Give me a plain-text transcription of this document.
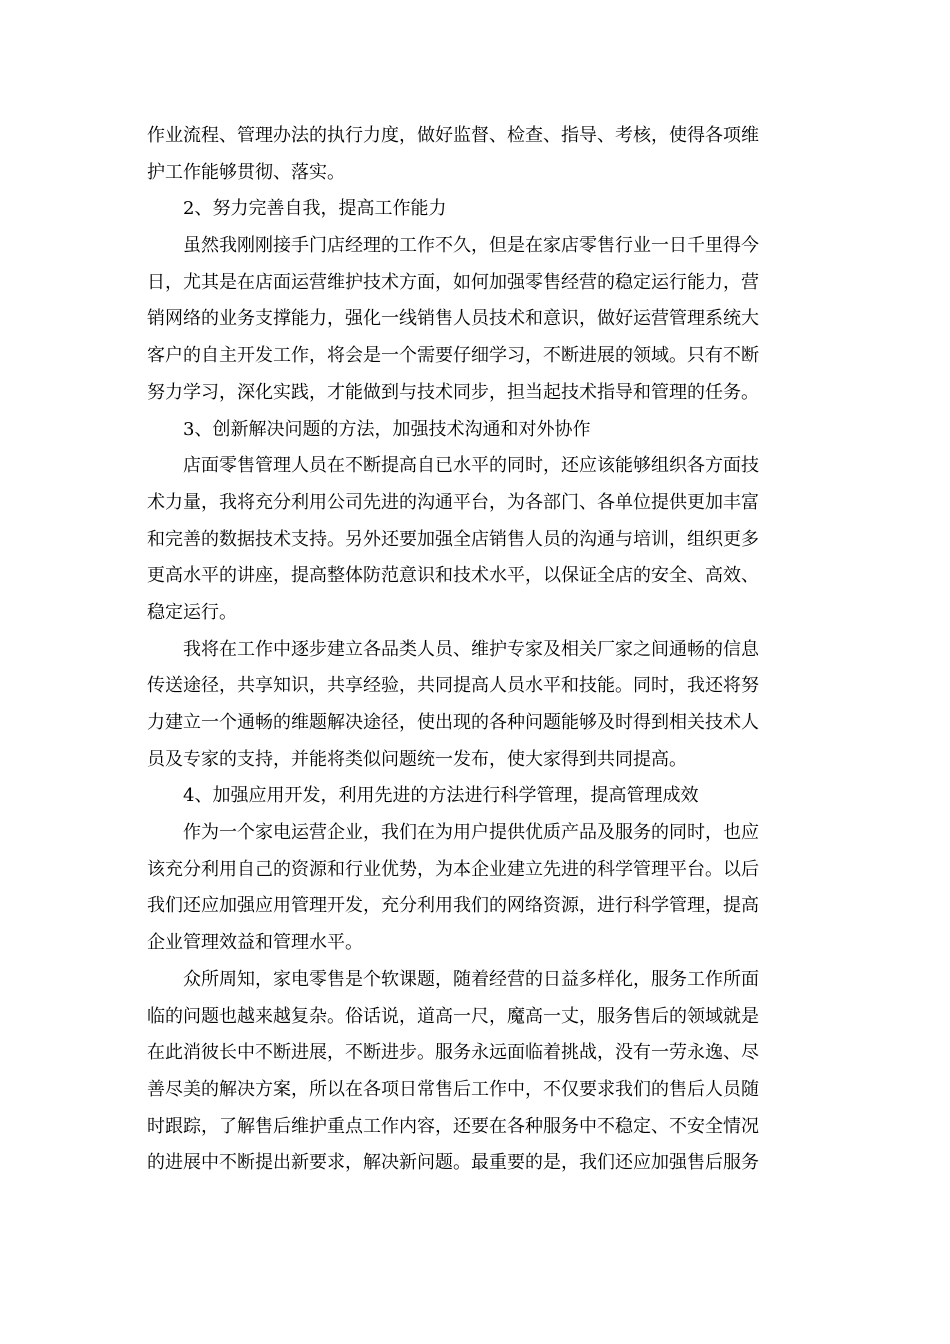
作业流程、管理办法的执行力度，做好监督、检查、指导、考核，使得各项维
护工作能够贯彻、落实。
2、努力完善自我，提高工作能力
虽然我刚刚接手门店经理的工作不久，但是在家店零售行业一日千里得今
日，尤其是在店面运营维护技术方面，如何加强零售经营的稳定运行能力，营
销网络的业务支撑能力，强化一线销售人员技术和意识，做好运营管理系统大
客户的自主开发工作，将会是一个需要仔细学习，不断进展的领域。只有不断
努力学习，深化实践，才能做到与技术同步，担当起技术指导和管理的任务。
3、创新解决问题的方法，加强技术沟通和对外协作
店面零售管理人员在不断提高自已水平的同时，还应该能够组织各方面技
术力量，我将充分利用公司先进的沟通平台，为各部门、各单位提供更加丰富
和完善的数据技术支持。另外还要加强全店销售人员的沟通与培训，组织更多
更高水平的讲座，提高整体防范意识和技术水平，以保证全店的安全、高效、
稳定运行。
我将在工作中逐步建立各品类人员、维护专家及相关厂家之间通畅的信息
传送途径，共享知识，共享经验，共同提高人员水平和技能。同时，我还将努
力建立一个通畅的维题解决途径，使出现的各种问题能够及时得到相关技术人
员及专家的支持，并能将类似问题统一发布，使大家得到共同提高。
4、加强应用开发，利用先进的方法进行科学管理，提高管理成效
作为一个家电运营企业，我们在为用户提供优质产品及服务的同时，也应
该充分利用自己的资源和行业优势，为本企业建立先进的科学管理平台。以后
我们还应加强应用管理开发，充分利用我们的网络资源，进行科学管理，提高
企业管理效益和管理水平。
众所周知，家电零售是个软课题，随着经营的日益多样化，服务工作所面
临的问题也越来越复杂。俗话说，道高一尺，魔高一丈，服务售后的领域就是
在此消彼长中不断进展，不断进步。服务永远面临着挑战，没有一劳永逸、尽
善尽美的解决方案，所以在各项日常售后工作中，不仅要求我们的售后人员随
时跟踪，了解售后维护重点工作内容，还要在各种服务中不稳定、不安全情况
的进展中不断提出新要求，解决新问题。最重要的是，我们还应加强售后服务
